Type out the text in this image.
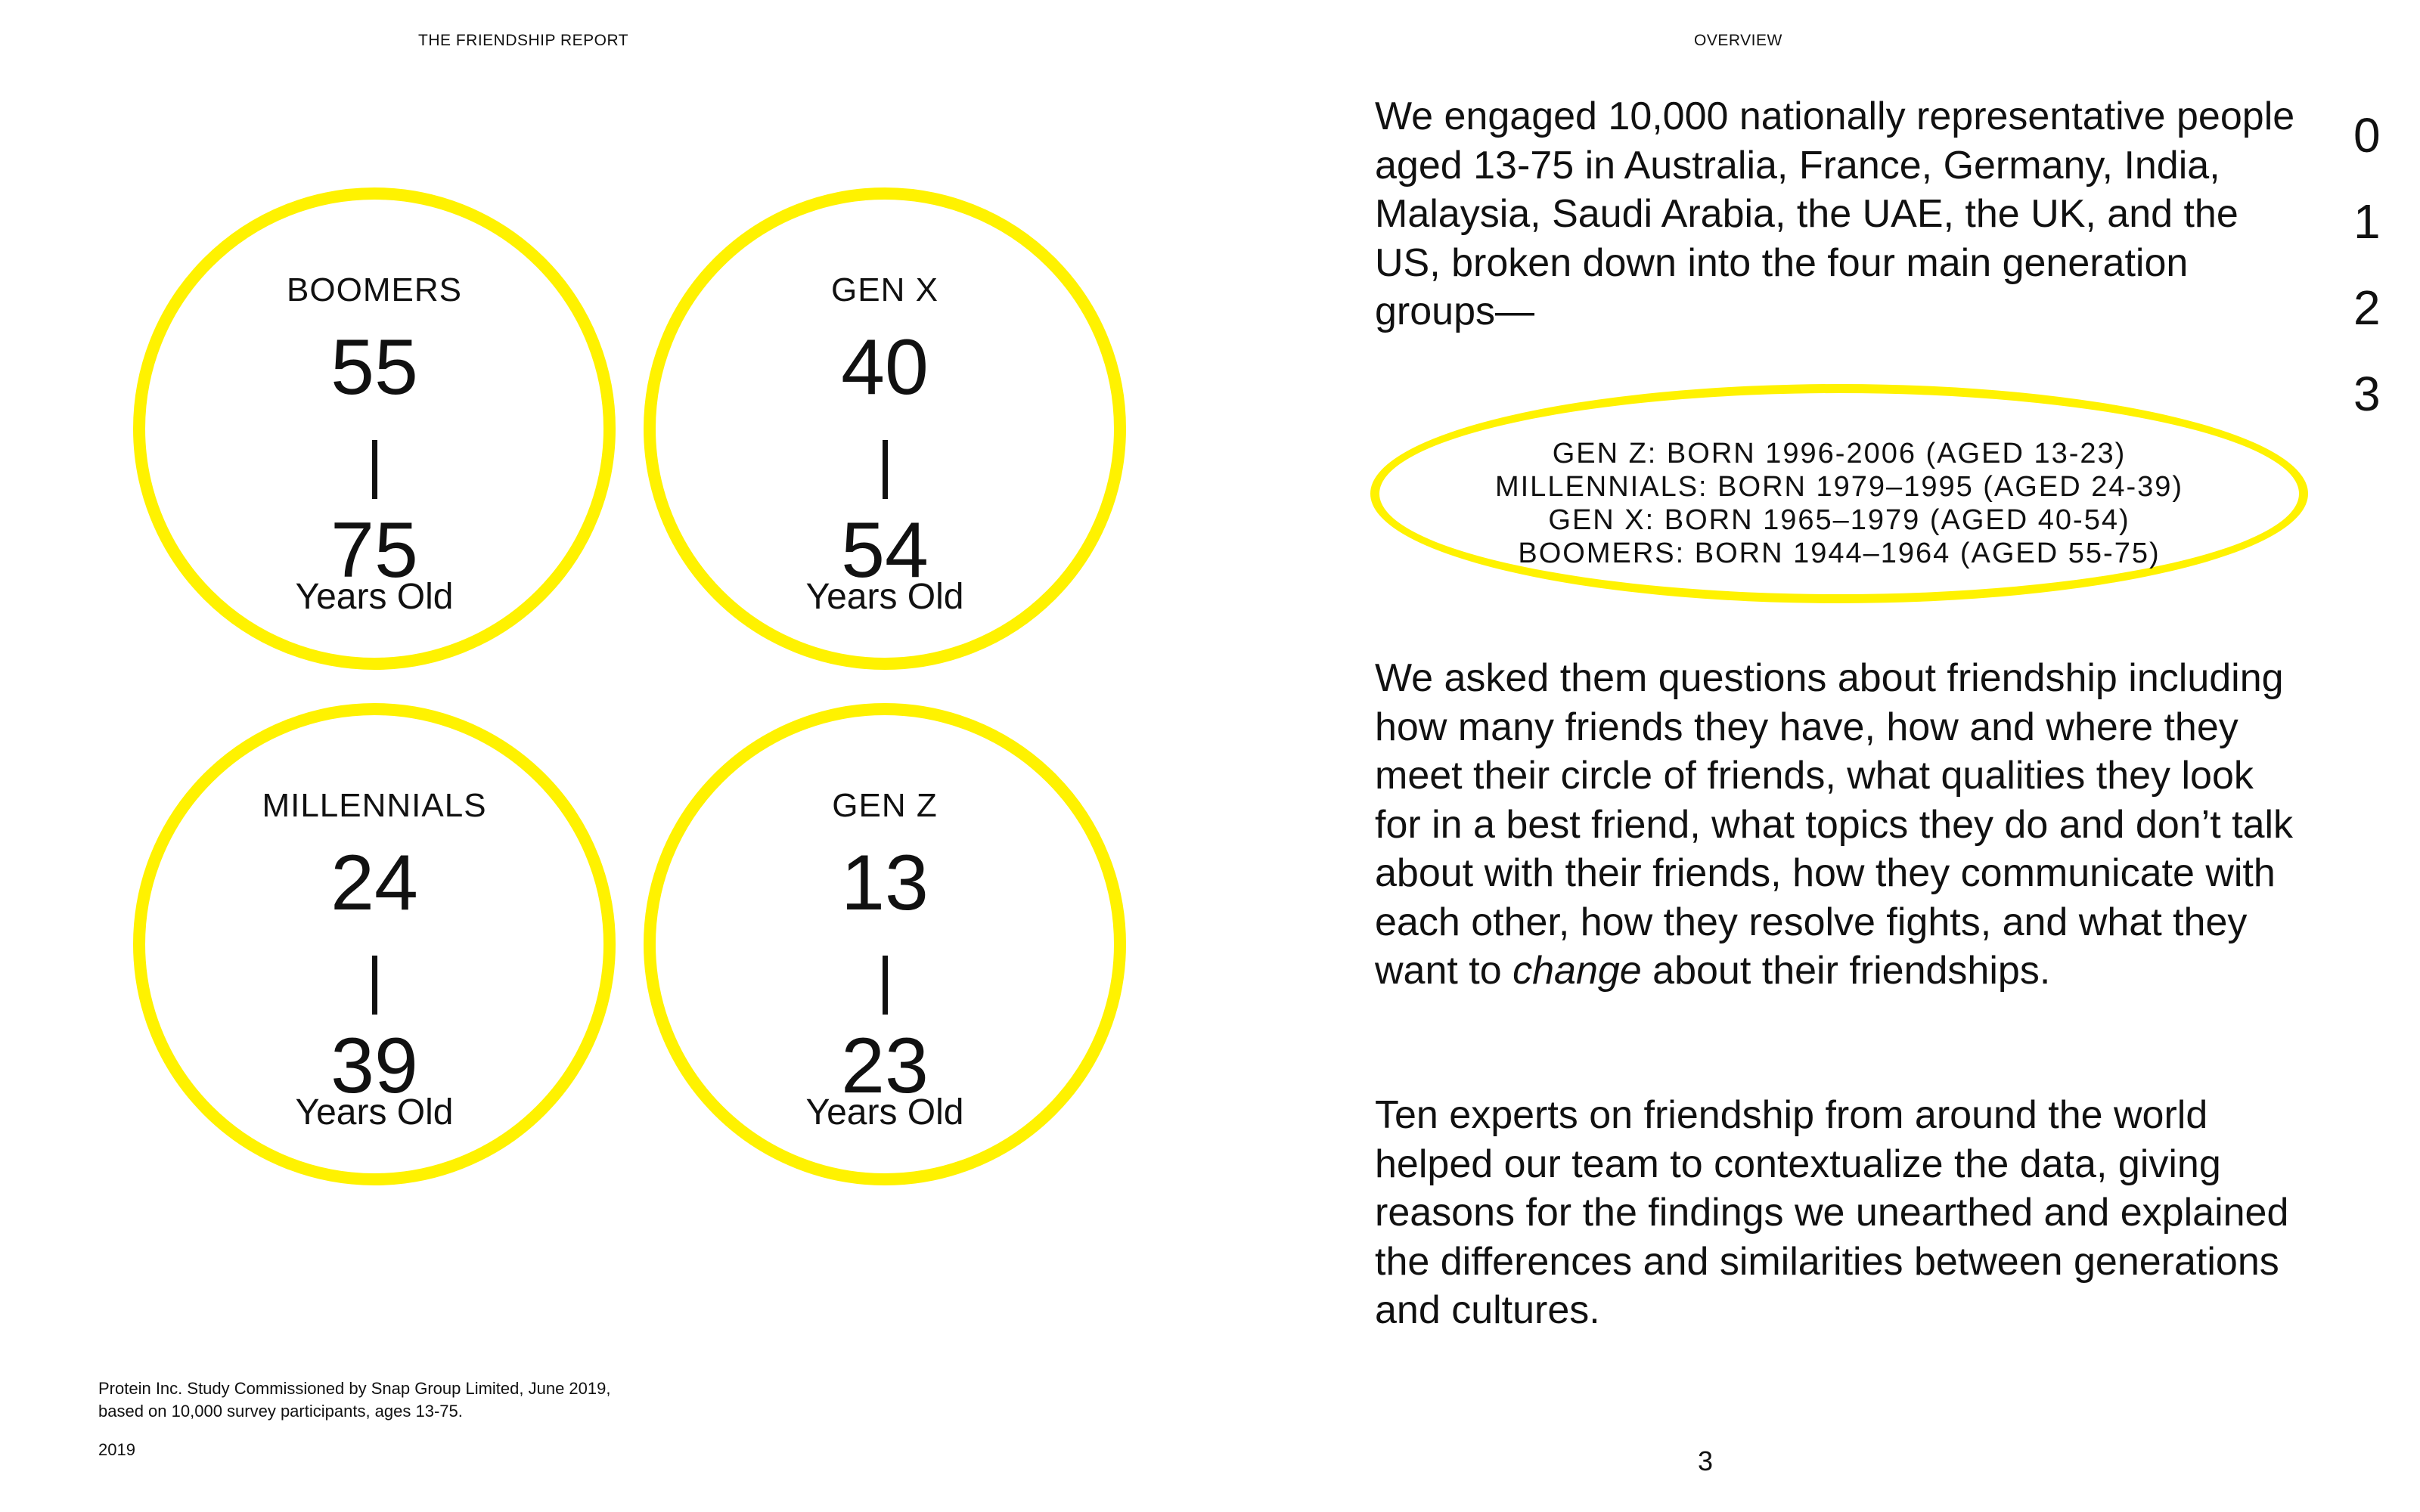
THE FRIENDSHIP REPORT	OVERVIEW
BOOMERS
55
75
Years Old
GEN X
40
54
Years Old
MILLENNIALS
24
39
Years Old
GEN Z
13
23
Years Old
Protein Inc. Study Commissioned by Snap Group Limited, June 2019,
based on 10,000 survey participants, ages 13-75.
2019

We engaged 10,000 nationally representative people aged 13-75 in Australia, France, Germany, India, Malaysia, Saudi Arabia, the UAE, the UK, and the US, broken down into the four main generation groups—

GEN Z: BORN 1996-2006 (AGED 13-23)
MILLENNIALS: BORN 1979–1995 (AGED 24-39)
GEN X: BORN 1965–1979 (AGED 40-54)
BOOMERS: BORN 1944–1964 (AGED 55-75)

We asked them questions about friendship including how many friends they have, how and where they meet their circle of friends, what qualities they look for in a best friend, what topics they do and don’t talk about with their friends, how they communicate with each other, how they resolve fights, and what they want to change about their friendships.

Ten experts on friendship from around the world helped our team to contextualize the data, giving reasons for the findings we unearthed and explained the differences and similarities between generations and cultures.

0
1
2
3
3
